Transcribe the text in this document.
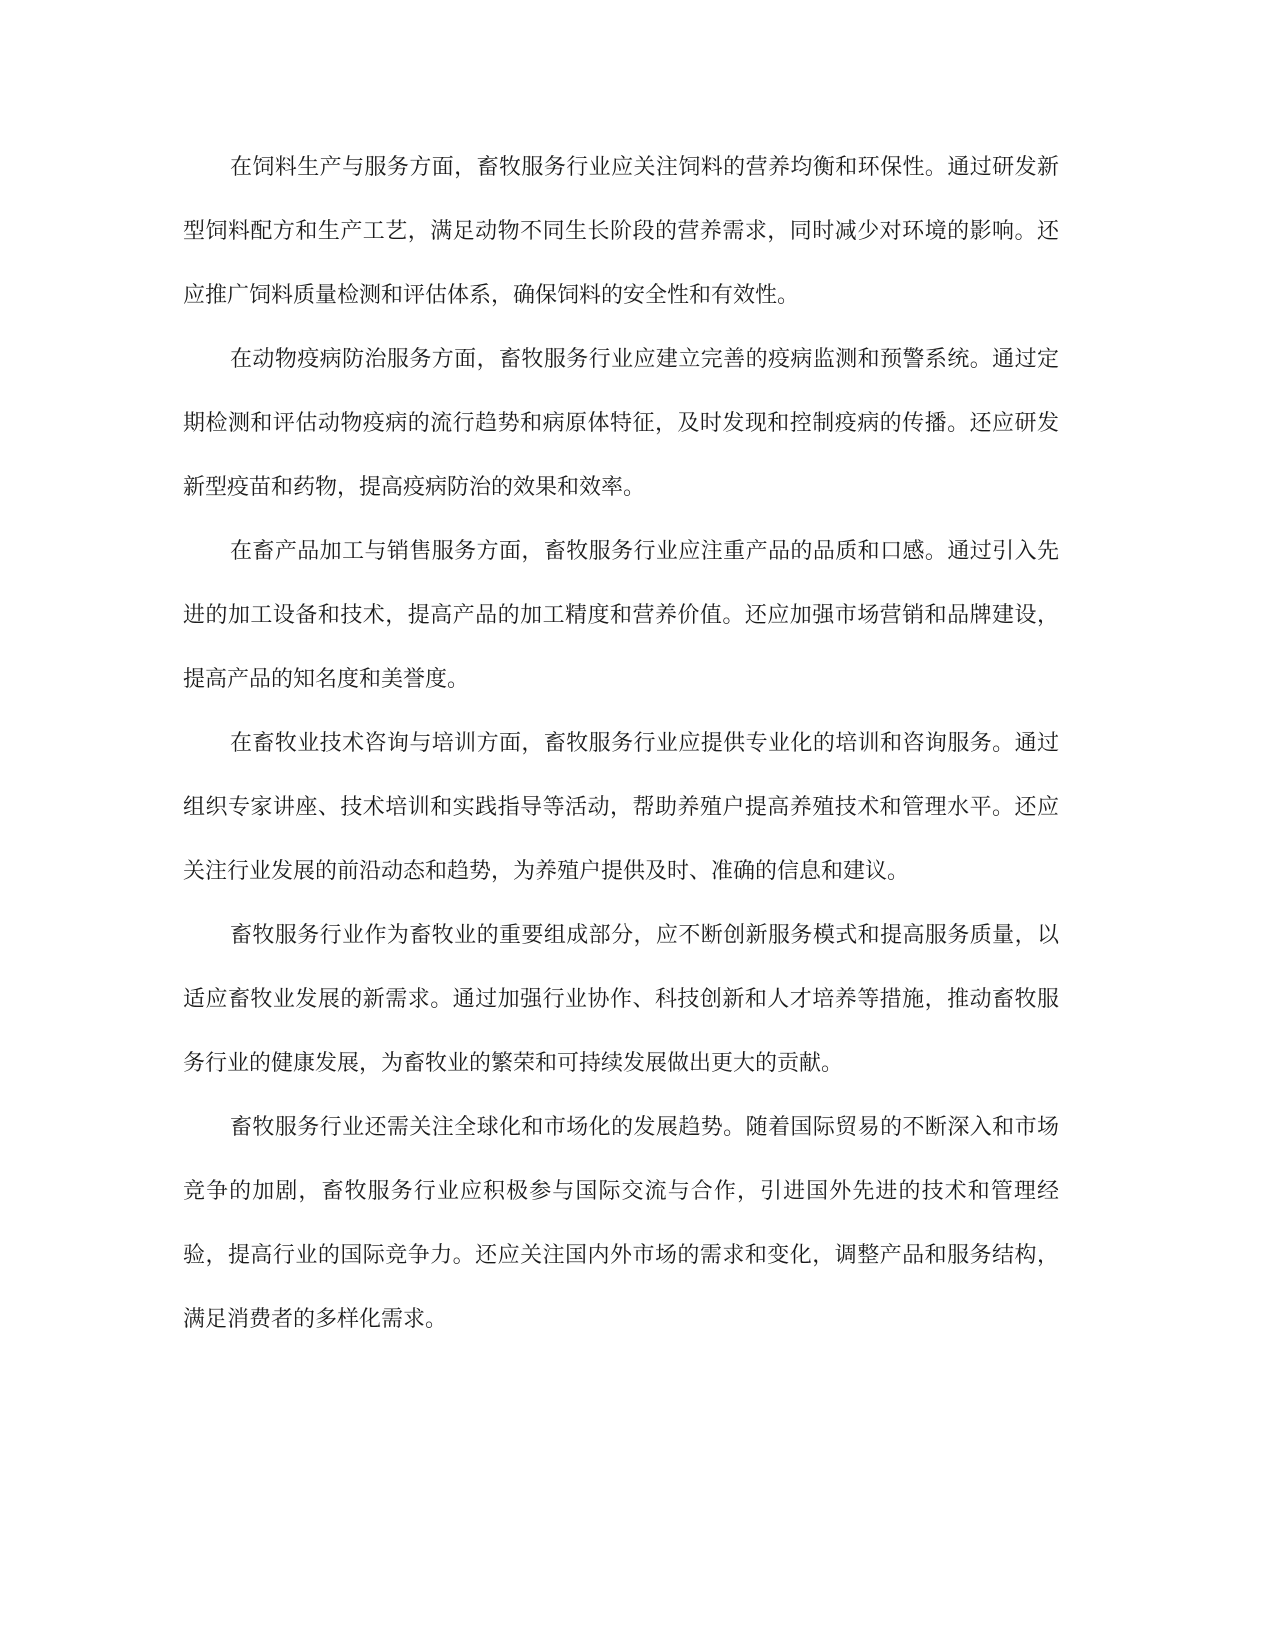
在饲料生产与服务方面，畜牧服务行业应关注饲料的营养均衡和环保性。通过研发新型饲料配方和生产工艺，满足动物不同生长阶段的营养需求，同时减少对环境的影响。还应推广饲料质量检测和评估体系，确保饲料的安全性和有效性。

在动物疫病防治服务方面，畜牧服务行业应建立完善的疫病监测和预警系统。通过定期检测和评估动物疫病的流行趋势和病原体特征，及时发现和控制疫病的传播。还应研发新型疫苗和药物，提高疫病防治的效果和效率。

在畜产品加工与销售服务方面，畜牧服务行业应注重产品的品质和口感。通过引入先进的加工设备和技术，提高产品的加工精度和营养价值。还应加强市场营销和品牌建设，提高产品的知名度和美誉度。

在畜牧业技术咨询与培训方面，畜牧服务行业应提供专业化的培训和咨询服务。通过组织专家讲座、技术培训和实践指导等活动，帮助养殖户提高养殖技术和管理水平。还应关注行业发展的前沿动态和趋势，为养殖户提供及时、准确的信息和建议。

畜牧服务行业作为畜牧业的重要组成部分，应不断创新服务模式和提高服务质量，以适应畜牧业发展的新需求。通过加强行业协作、科技创新和人才培养等措施，推动畜牧服务行业的健康发展，为畜牧业的繁荣和可持续发展做出更大的贡献。

畜牧服务行业还需关注全球化和市场化的发展趋势。随着国际贸易的不断深入和市场竞争的加剧，畜牧服务行业应积极参与国际交流与合作，引进国外先进的技术和管理经验，提高行业的国际竞争力。还应关注国内外市场的需求和变化，调整产品和服务结构，满足消费者的多样化需求。
